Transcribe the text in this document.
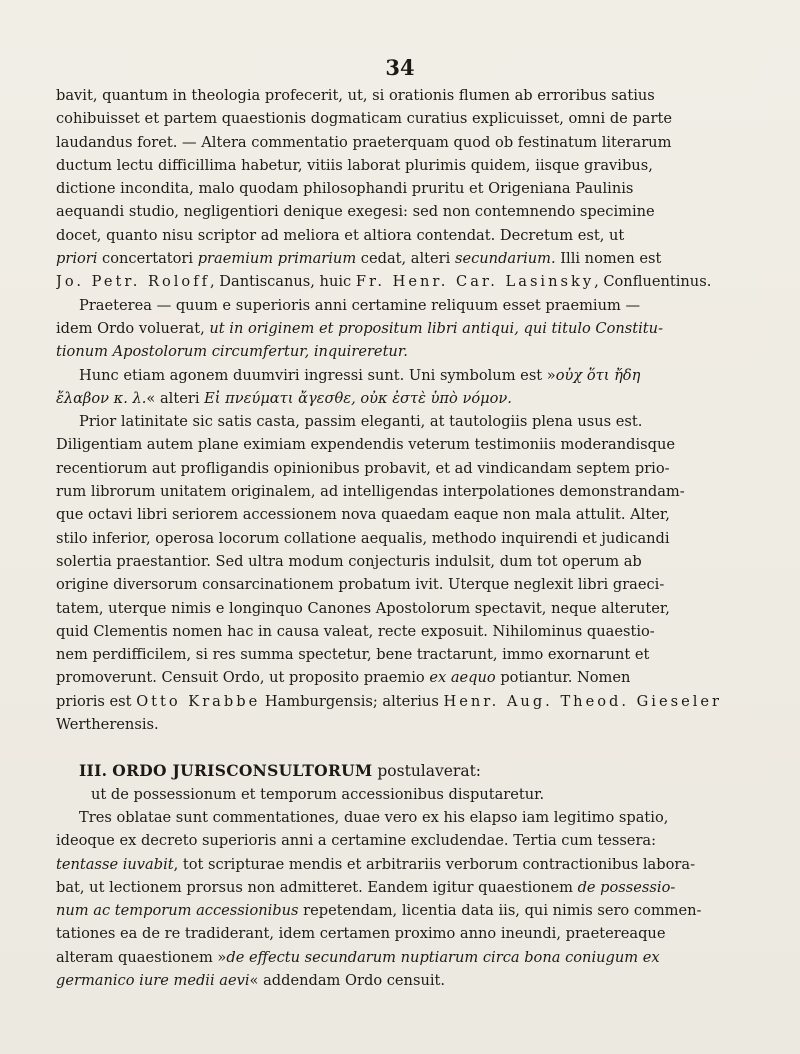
34
bavit, quantum in theologia profecerit, ut, si orationis flumen ab erroribus satius
cohibuisset et partem quaestionis dogmaticam curatius explicuisset, omni de parte
laudandus foret. — Altera commentatio praeterquam quod ob festinatum literarum
ductum lectu difficillima habetur, vitiis laborat plurimis quidem, iisque gravibus,
dictione incondita, malo quodam philosophandi pruritu et Origeniana Paulinis
aequandi studio, negligentiori denique exegesi: sed non contemnendo specimine
docet, quanto nisu scriptor ad meliora et altiora contendat. Decretum est, ut
priori concertatori praemium primarium cedat, alteri secundarium. Illi nomen est
Jo. Petr. Roloff, Dantiscanus, huic Fr. Henr. Car. Lasinsky, Confluentinus.
Praeterea — quum e superioris anni certamine reliquum esset praemium —
idem Ordo voluerat, ut in originem et propositum libri antiqui, qui titulo Constitu-
tionum Apostolorum circumfertur, inquireretur.
Hunc etiam agonem duumviri ingressi sunt. Uni symbolum est »οὐχ ὅτι ἤδη
ἔλαβον κ. λ.« alteri Εἰ πνεύματι ἄγεσθε, οὐκ ἐστὲ ὑπὸ νόμον.
Prior latinitate sic satis casta, passim eleganti, at tautologiis plena usus est.
Diligentiam autem plane eximiam expendendis veterum testimoniis moderandisque
recentiorum aut profligandis opinionibus probavit, et ad vindicandam septem prio-
rum librorum unitatem originalem, ad intelligendas interpolationes demonstrandam-
que octavi libri seriorem accessionem nova quaedam eaque non mala attulit. Alter,
stilo inferior, operosa locorum collatione aequalis, methodo inquirendi et judicandi
solertia praestantior. Sed ultra modum conjecturis indulsit, dum tot operum ab
origine diversorum consarcinationem probatum ivit. Uterque neglexit libri graeci-
tatem, uterque nimis e longinquo Canones Apostolorum spectavit, neque alteruter,
quid Clementis nomen hac in causa valeat, recte exposuit. Nihilominus quaestio-
nem perdifficilem, si res summa spectetur, bene tractarunt, immo exornarunt et
promoverunt. Censuit Ordo, ut proposito praemio ex aequo potiantur. Nomen
prioris est Otto Krabbe Hamburgensis; alterius Henr. Aug. Theod. Gieseler
Wertherensis.
III. ORDO JURISCONSULTORUM postulaverat:
ut de possessionum et temporum accessionibus disputaretur.
Tres oblatae sunt commentationes, duae vero ex his elapso iam legitimo spatio,
ideoque ex decreto superioris anni a certamine excludendae. Tertia cum tessera:
tentasse iuvabit, tot scripturae mendis et arbitrariis verborum contractionibus labora-
bat, ut lectionem prorsus non admitteret. Eandem igitur quaestionem de possessio-
num ac temporum accessionibus repetendam, licentia data iis, qui nimis sero commen-
tationes ea de re tradiderant, idem certamen proximo anno ineundi, praetereaque
alteram quaestionem »de effectu secundarum nuptiarum circa bona coniugum ex
germanico iure medii aevi« addendam Ordo censuit.
